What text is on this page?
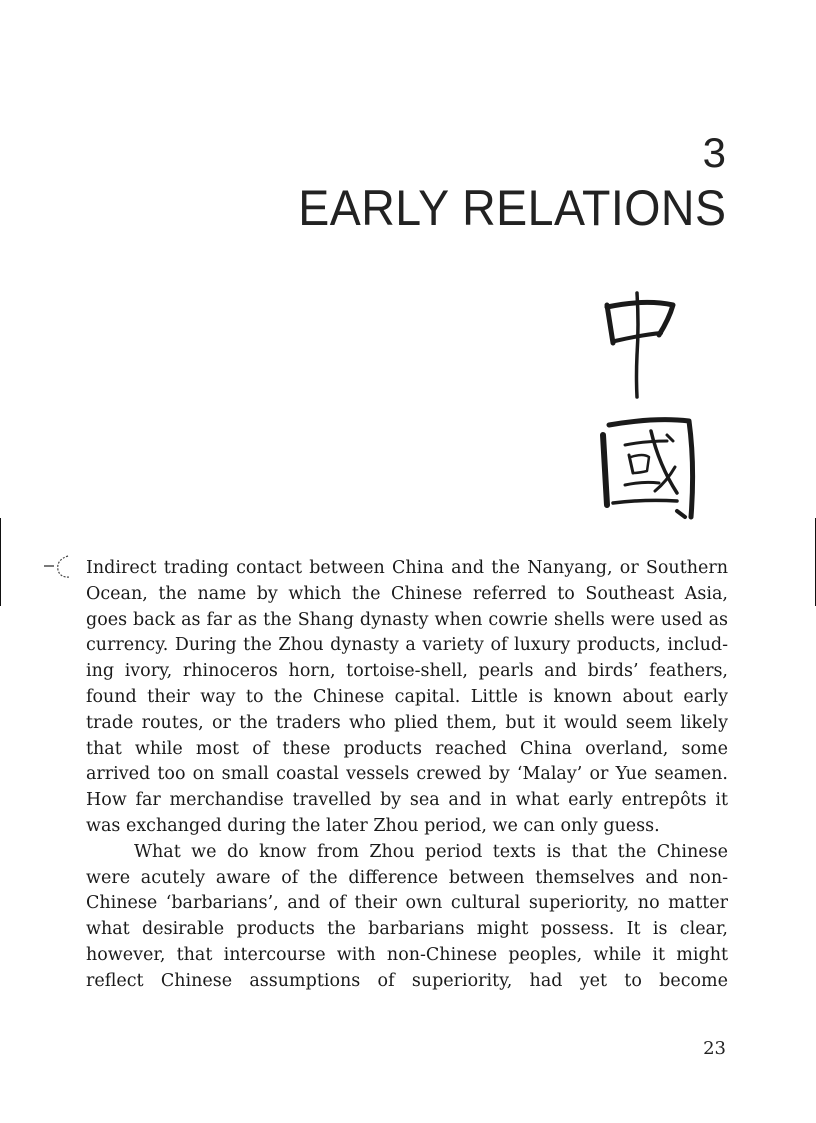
3
EARLY RELATIONS

Indirect trading contact between China and the Nanyang, or Southern
Ocean, the name by which the Chinese referred to Southeast Asia,
goes back as far as the Shang dynasty when cowrie shells were used as
currency. During the Zhou dynasty a variety of luxury products, includ-
ing ivory, rhinoceros horn, tortoise-shell, pearls and birds’ feathers,
found their way to the Chinese capital. Little is known about early
trade routes, or the traders who plied them, but it would seem likely
that while most of these products reached China overland, some
arrived too on small coastal vessels crewed by ‘Malay’ or Yue seamen.
How far merchandise travelled by sea and in what early entrepôts it
was exchanged during the later Zhou period, we can only guess.

What we do know from Zhou period texts is that the Chinese
were acutely aware of the difference between themselves and non-
Chinese ‘barbarians’, and of their own cultural superiority, no matter
what desirable products the barbarians might possess. It is clear,
however, that intercourse with non-Chinese peoples, while it might
reflect Chinese assumptions of superiority, had yet to become

23
